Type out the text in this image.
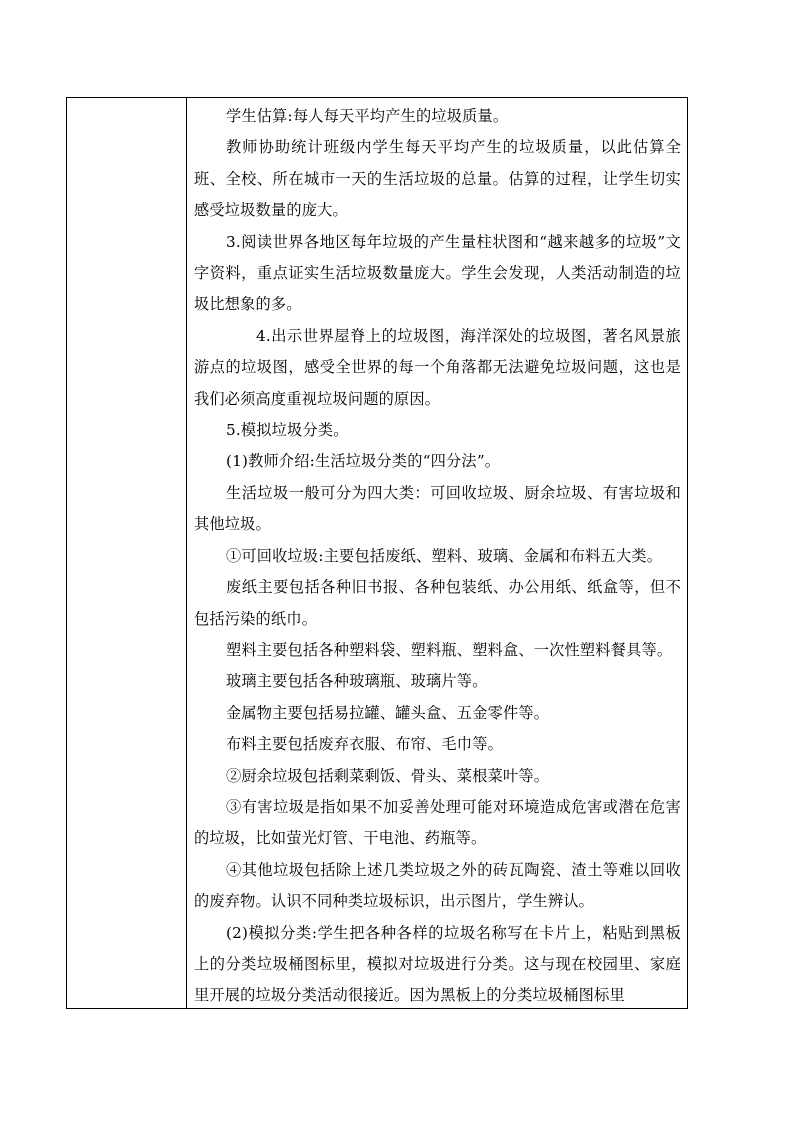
学生估算:每人每天平均产生的垃圾质量。

教师协助统计班级内学生每天平均产生的垃圾质量，以此估算全班、全校、所在城市一天的生活垃圾的总量。估算的过程，让学生切实感受垃圾数量的庞大。

3.阅读世界各地区每年垃圾的产生量柱状图和“越来越多的垃圾”文字资料，重点证实生活垃圾数量庞大。学生会发现，人类活动制造的垃圾比想象的多。

4.出示世界屋脊上的垃圾图，海洋深处的垃圾图，著名风景旅游点的垃圾图，感受全世界的每一个角落都无法避免垃圾问题，这也是我们必须高度重视垃圾问题的原因。

5.模拟垃圾分类。

(1)教师介绍:生活垃圾分类的“四分法”。

生活垃圾一般可分为四大类：可回收垃圾、厨余垃圾、有害垃圾和其他垃圾。

①可回收垃圾:主要包括废纸、塑料、玻璃、金属和布料五大类。

废纸主要包括各种旧书报、各种包装纸、办公用纸、纸盒等，但不包括污染的纸巾。

塑料主要包括各种塑料袋、塑料瓶、塑料盒、一次性塑料餐具等。

玻璃主要包括各种玻璃瓶、玻璃片等。

金属物主要包括易拉罐、罐头盒、五金零件等。

布料主要包括废弃衣服、布帘、毛巾等。

②厨余垃圾包括剩菜剩饭、骨头、菜根菜叶等。

③有害垃圾是指如果不加妥善处理可能对环境造成危害或潜在危害的垃圾，比如萤光灯管、干电池、药瓶等。

④其他垃圾包括除上述几类垃圾之外的砖瓦陶瓷、渣土等难以回收的废弃物。认识不同种类垃圾标识，出示图片，学生辨认。

(2)模拟分类:学生把各种各样的垃圾名称写在卡片上，粘贴到黑板上的分类垃圾桶图标里，模拟对垃圾进行分类。这与现在校园里、家庭里开展的垃圾分类活动很接近。因为黑板上的分类垃圾桶图标里
